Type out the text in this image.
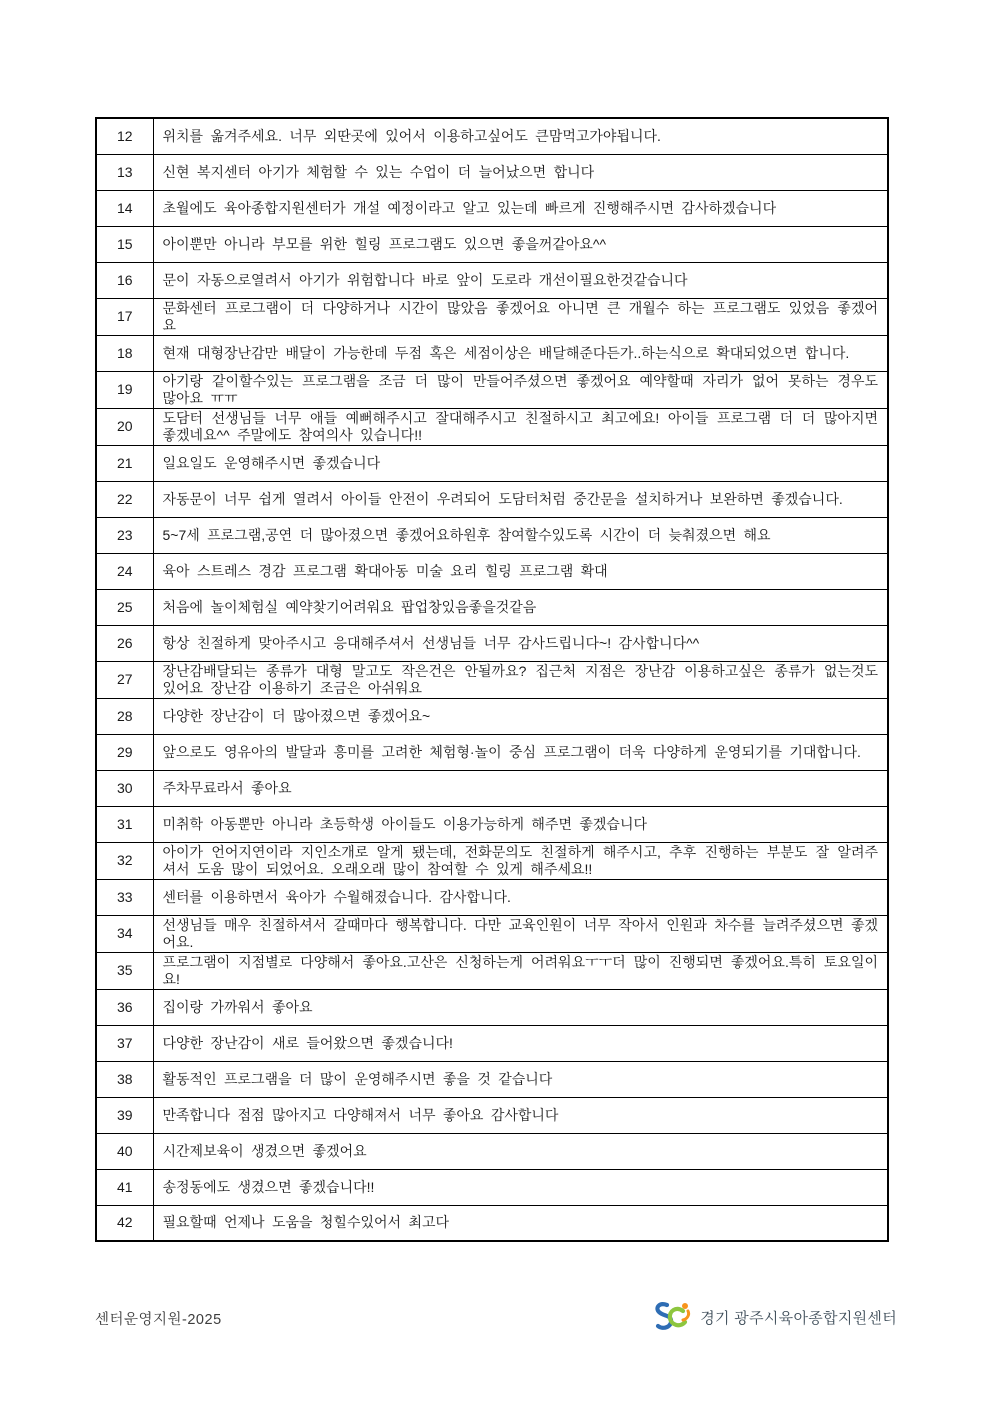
12	위치를 옮겨주세요. 너무 외딴곳에 있어서 이용하고싶어도 큰맘먹고가야됩니다.
13	신현 복지센터 아기가 체험할 수 있는 수업이 더 늘어났으면 합니다
14	초월에도 육아종합지원센터가 개설 예정이라고 알고 있는데 빠르게 진행해주시면 감사하겠습니다
15	아이뿐만 아니라 부모를 위한 힐링 프로그램도 있으면 좋을꺼같아요^^
16	문이 자동으로열려서 아기가 위험합니다 바로 앞이 도로라 개선이필요한것같습니다
17	문화센터 프로그램이 더 다양하거나 시간이 많았음 좋겠어요 아니면 큰 개월수 하는 프로그램도 있었음 좋겠어요
18	현재 대형장난감만 배달이 가능한데 두점 혹은 세점이상은 배달해준다든가..하는식으로 확대되었으면 합니다.
19	아기랑 같이할수있는 프로그램을 조금 더 많이 만들어주셨으면 좋겠어요 예약할때 자리가 없어 못하는 경우도 많아요 ㅠㅠ
20	도담터 선생님들 너무 애들 예뻐해주시고 잘대해주시고 친절하시고 최고에요! 아이들 프로그램 더 더 많아지면 좋겠네요^^ 주말에도 참여의사 있습니다!!
21	일요일도 운영해주시면 좋겠습니다
22	자동문이 너무 쉽게 열려서 아이들 안전이 우려되어 도담터처럼 중간문을 설치하거나 보완하면 좋겠습니다.
23	5~7세 프로그램,공연 더 많아졌으면 좋겠어요하원후 참여할수있도록 시간이 더 늦춰졌으면 해요
24	육아 스트레스 경감 프로그램 확대아동 미술 요리 힐링 프로그램 확대
25	처음에 놀이체험실 예약찾기어려워요 팝업창있음좋을것같음
26	항상 친절하게 맞아주시고 응대해주셔서 선생님들 너무 감사드립니다~! 감사합니다^^
27	장난감배달되는 종류가 대형 말고도 작은건은 안될까요? 집근처 지점은 장난감 이용하고싶은 종류가 없는것도 있어요 장난감 이용하기 조금은 아쉬워요
28	다양한 장난감이 더 많아졌으면 좋겠어요~
29	앞으로도 영유아의 발달과 흥미를 고려한 체험형·놀이 중심 프로그램이 더욱 다양하게 운영되기를 기대합니다.
30	주차무료라서 좋아요
31	미취학 아동뿐만 아니라 초등학생 아이들도 이용가능하게 해주면 좋겠습니다
32	아이가 언어지연이라 지인소개로 알게 됐는데, 전화문의도 친절하게 해주시고, 추후 진행하는 부분도 잘 알려주셔서 도움 많이 되었어요. 오래오래 많이 참여할 수 있게 해주세요!!
33	센터를 이용하면서 육아가 수월해졌습니다. 감사합니다.
34	선생님들 매우 친절하셔서 갈때마다 행복합니다. 다만 교육인원이 너무 작아서 인원과 차수를 늘려주셨으면 좋겠어요.
35	프로그램이 지점별로 다양해서 좋아요.고산은 신청하는게 어려워요ㅜㅜ더 많이 진행되면 좋겠어요.특히 토요일이요!
36	집이랑 가까워서 좋아요
37	다양한 장난감이 새로 들어왔으면 좋겠습니다!
38	활동적인 프로그램을 더 많이 운영해주시면 좋을 것 같습니다
39	만족합니다 점점 많아지고 다양해져서 너무 좋아요 감사합니다
40	시간제보육이 생겼으면 좋겠어요
41	송정동에도 생겼으면 좋겠습니다!!
42	필요할때 언제나 도움을 청힐수있어서 최고다
센터운영지원-2025	경기 광주시육아종합지원센터
